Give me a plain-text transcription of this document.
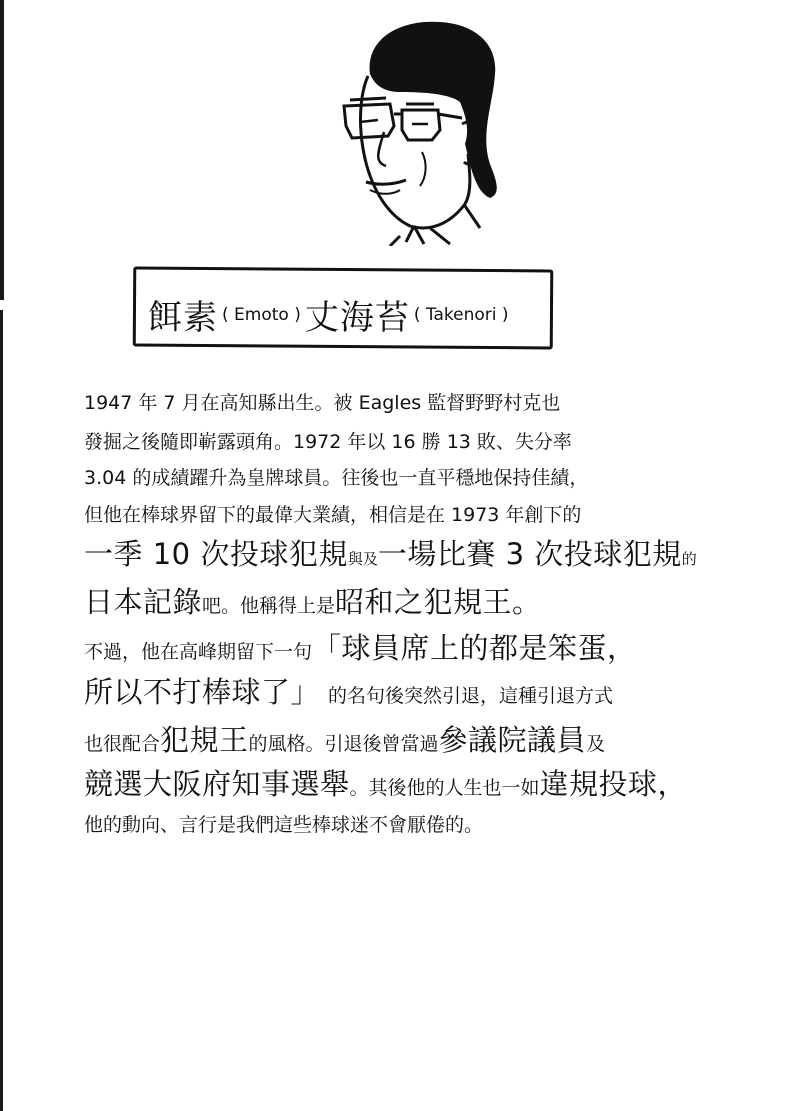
餌素 ( Emoto ) 丈海苔 ( Takenori )
1947 年 7 月在高知縣出生。被 Eagles 監督野野村克也
發掘之後隨即嶄露頭角。1972 年以 16 勝 13 敗、失分率
3.04 的成績躍升為皇牌球員。往後也一直平穩地保持佳績，
但他在棒球界留下的最偉大業績，相信是在 1973 年創下的
一季 10 次投球犯規與及一場比賽 3 次投球犯規的
日本記錄吧。他稱得上是昭和之犯規王。
不過，他在高峰期留下一句「球員席上的都是笨蛋，
所以不打棒球了」 的名句後突然引退，這種引退方式
也很配合犯規王的風格。引退後曾當過參議院議員及
競選大阪府知事選舉。其後他的人生也一如違規投球，
他的動向、言行是我們這些棒球迷不會厭倦的。
